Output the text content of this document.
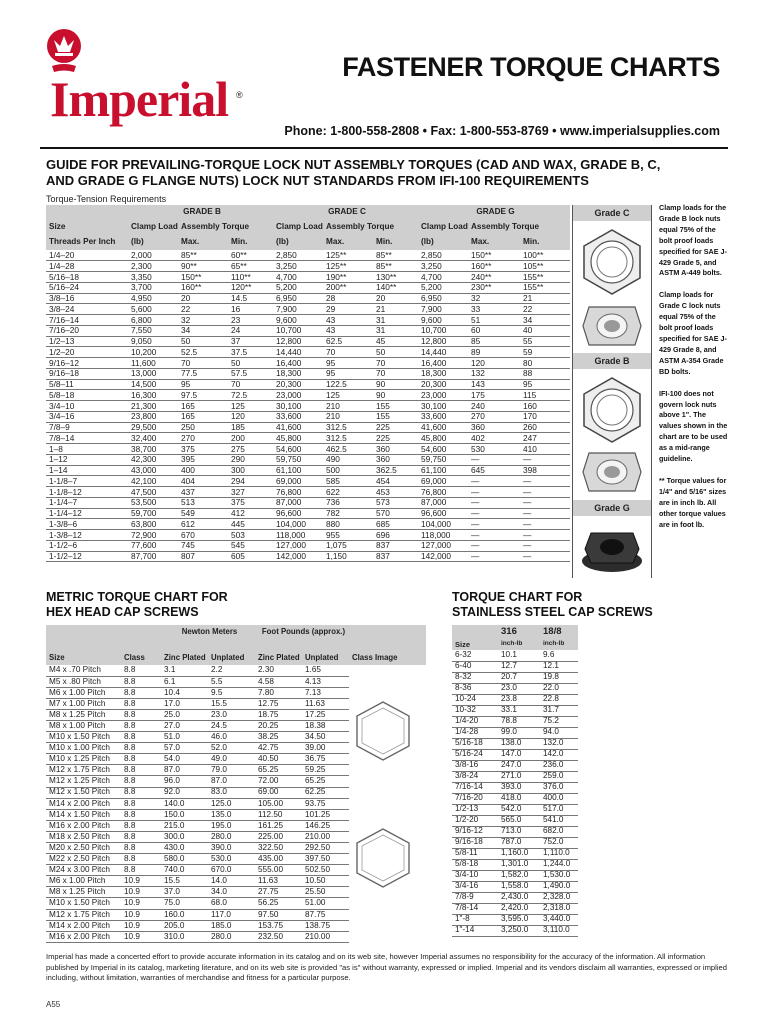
Imperial ®
FASTENER TORQUE CHARTS
Phone: 1-800-558-2808 • Fax: 1-800-553-8769 • www.imperialsupplies.com
GUIDE FOR PREVAILING-TORQUE LOCK NUT ASSEMBLY TORQUES (CAD AND WAX, GRADE B, C,
AND GRADE G FLANGE NUTS) LOCK NUT STANDARDS FROM IFI-100 REQUIREMENTS
Torque-Tension Requirements
	GRADE B			GRADE C			GRADE G		
Size	Clamp Load	Assembly Torque		Clamp Load	Assembly Torque		Clamp Load	Assembly Torque	
Threads Per Inch	(lb)	Max.	Min.	(lb)	Max.	Min.	(lb)	Max.	Min.
1/4–20	2,000	85**	60**	2,850	125**	85**	2,850	150**	100**
1/4–28	2,300	90**	65**	3,250	125**	85**	3,250	160**	105**
5/16–18	3,350	150**	110**	4,700	190**	130**	4,700	240**	155**
5/16–24	3,700	160**	120**	5,200	200**	140**	5,200	230**	155**
3/8–16	4,950	20	14.5	6,950	28	20	6,950	32	21
3/8–24	5,600	22	16	7,900	29	21	7,900	33	22
7/16–14	6,800	32	23	9,600	43	31	9,600	51	34
7/16–20	7,550	34	24	10,700	43	31	10,700	60	40
1/2–13	9,050	50	37	12,800	62.5	45	12,800	85	55
1/2–20	10,200	52.5	37.5	14,440	70	50	14,440	89	59
9/16–12	11,600	70	50	16,400	95	70	16,400	120	80
9/16–18	13,000	77.5	57.5	18,300	95	70	18,300	132	88
5/8–11	14,500	95	70	20,300	122.5	90	20,300	143	95
5/8–18	16,300	97.5	72.5	23,000	125	90	23,000	175	115
3/4–10	21,300	165	125	30,100	210	155	30,100	240	160
3/4–16	23,800	165	120	33,600	210	155	33,600	270	170
7/8–9	29,500	250	185	41,600	312.5	225	41,600	360	260
7/8–14	32,400	270	200	45,800	312.5	225	45,800	402	247
1–8	38,700	375	275	54,600	462.5	360	54,600	530	410
1–12	42,300	395	290	59,750	490	360	59,750	—	—
1–14	43,000	400	300	61,100	500	362.5	61,100	645	398
1-1/8–7	42,100	404	294	69,000	585	454	69,000	—	—
1-1/8–12	47,500	437	327	76,800	622	453	76,800	—	—
1-1/4–7	53,500	513	375	87,000	736	573	87,000	—	—
1-1/4–12	59,700	549	412	96,600	782	570	96,600	—	—
1-3/8–6	63,800	612	445	104,000	880	685	104,000	—	—
1-3/8–12	72,900	670	503	118,000	955	696	118,000	—	—
1-1/2–6	77,600	745	545	127,000	1,075	837	127,000	—	—
1-1/2–12	87,700	807	605	142,000	1,150	837	142,000	—	—
Grade C
Grade B
Grade G

Clamp loads for the Grade B lock nuts equal 75% of the bolt proof loads specified for SAE J-429 Grade 5, and ASTM A-449 bolts.

Clamp loads for Grade C lock nuts equal 75% of the bolt proof loads specified for SAE J-429 Grade 8, and ASTM A-354 Grade BD bolts.

IFI-100 does not govern lock nuts above 1". The values shown in the chart are to be used as a mid-range guideline.

** Torque values for 1/4" and 5/16" sizes are in inch lb. All other torque values are in foot lb.

METRIC TORQUE CHART FOR
HEX HEAD CAP SCREWS
		Newton Meters		Foot Pounds (approx.)		
Size	Class	Zinc Plated	Unplated	Zinc Plated	Unplated	Class Image
M4 x .70 Pitch	8.8	3.1	2.2	2.30	1.65	
M5 x .80 Pitch	8.8	6.1	5.5	4.58	4.13	
M6 x 1.00 Pitch	8.8	10.4	9.5	7.80	7.13	
M7 x 1.00 Pitch	8.8	17.0	15.5	12.75	11.63	
M8 x 1.25 Pitch	8.8	25.0	23.0	18.75	17.25	
M8 x 1.00 Pitch	8.8	27.0	24.5	20.25	18.38	
M10 x 1.50 Pitch	8.8	51.0	46.0	38.25	34.50	
M10 x 1.00 Pitch	8.8	57.0	52.0	42.75	39.00	
M10 x 1.25 Pitch	8.8	54.0	49.0	40.50	36.75	
M12 x 1.75 Pitch	8.8	87.0	79.0	65.25	59.25	
M12 x 1.25 Pitch	8.8	96.0	87.0	72.00	65.25	
M12 x 1.50 Pitch	8.8	92.0	83.0	69.00	62.25	
M14 x 2.00 Pitch	8.8	140.0	125.0	105.00	93.75	
M14 x 1.50 Pitch	8.8	150.0	135.0	112.50	101.25	
M16 x 2.00 Pitch	8.8	215.0	195.0	161.25	146.25	
M18 x 2.50 Pitch	8.8	300.0	280.0	225.00	210.00	
M20 x 2.50 Pitch	8.8	430.0	390.0	322.50	292.50	
M22 x 2.50 Pitch	8.8	580.0	530.0	435.00	397.50	
M24 x 3.00 Pitch	8.8	740.0	670.0	555.00	502.50	
M6 x 1.00 Pitch	10.9	15.5	14.0	11.63	10.50	
M8 x 1.25 Pitch	10.9	37.0	34.0	27.75	25.50	
M10 x 1.50 Pitch	10.9	75.0	68.0	56.25	51.00	
M12 x 1.75 Pitch	10.9	160.0	117.0	97.50	87.75	
M14 x 2.00 Pitch	10.9	205.0	185.0	153.75	138.75	
M16 x 2.00 Pitch	10.9	310.0	280.0	232.50	210.00	
TORQUE CHART FOR
STAINLESS STEEL CAP SCREWS
	316	18/8
Size	inch-lb	inch-lb
6-32	10.1	9.6
6-40	12.7	12.1
8-32	20.7	19.8
8-36	23.0	22.0
10-24	23.8	22.8
10-32	33.1	31.7
1/4-20	78.8	75.2
1/4-28	99.0	94.0
5/16-18	138.0	132.0
5/16-24	147.0	142.0
3/8-16	247.0	236.0
3/8-24	271.0	259.0
7/16-14	393.0	376.0
7/16-20	418.0	400.0
1/2-13	542.0	517.0
1/2-20	565.0	541.0
9/16-12	713.0	682.0
9/16-18	787.0	752.0
5/8-11	1,160.0	1,110.0
5/8-18	1,301.0	1,244.0
3/4-10	1,582.0	1,530.0
3/4-16	1,558.0	1,490.0
7/8-9	2,430.0	2,328.0
7/8-14	2,420.0	2,318.0
1"-8	3,595.0	3,440.0
1"-14	3,250.0	3,110.0
Imperial has made a concerted effort to provide accurate information in its catalog and on its web site, however Imperial assumes no responsibility for the accuracy of the information. All information published by Imperial in its catalog, marketing literature, and on its web site is provided "as is" without warranty, expressed or implied. Imperial and its vendors disclaim all warranties, expressed or implied including, without limitation, warranties of merchandise and fitness for a particular purpose.
A55
